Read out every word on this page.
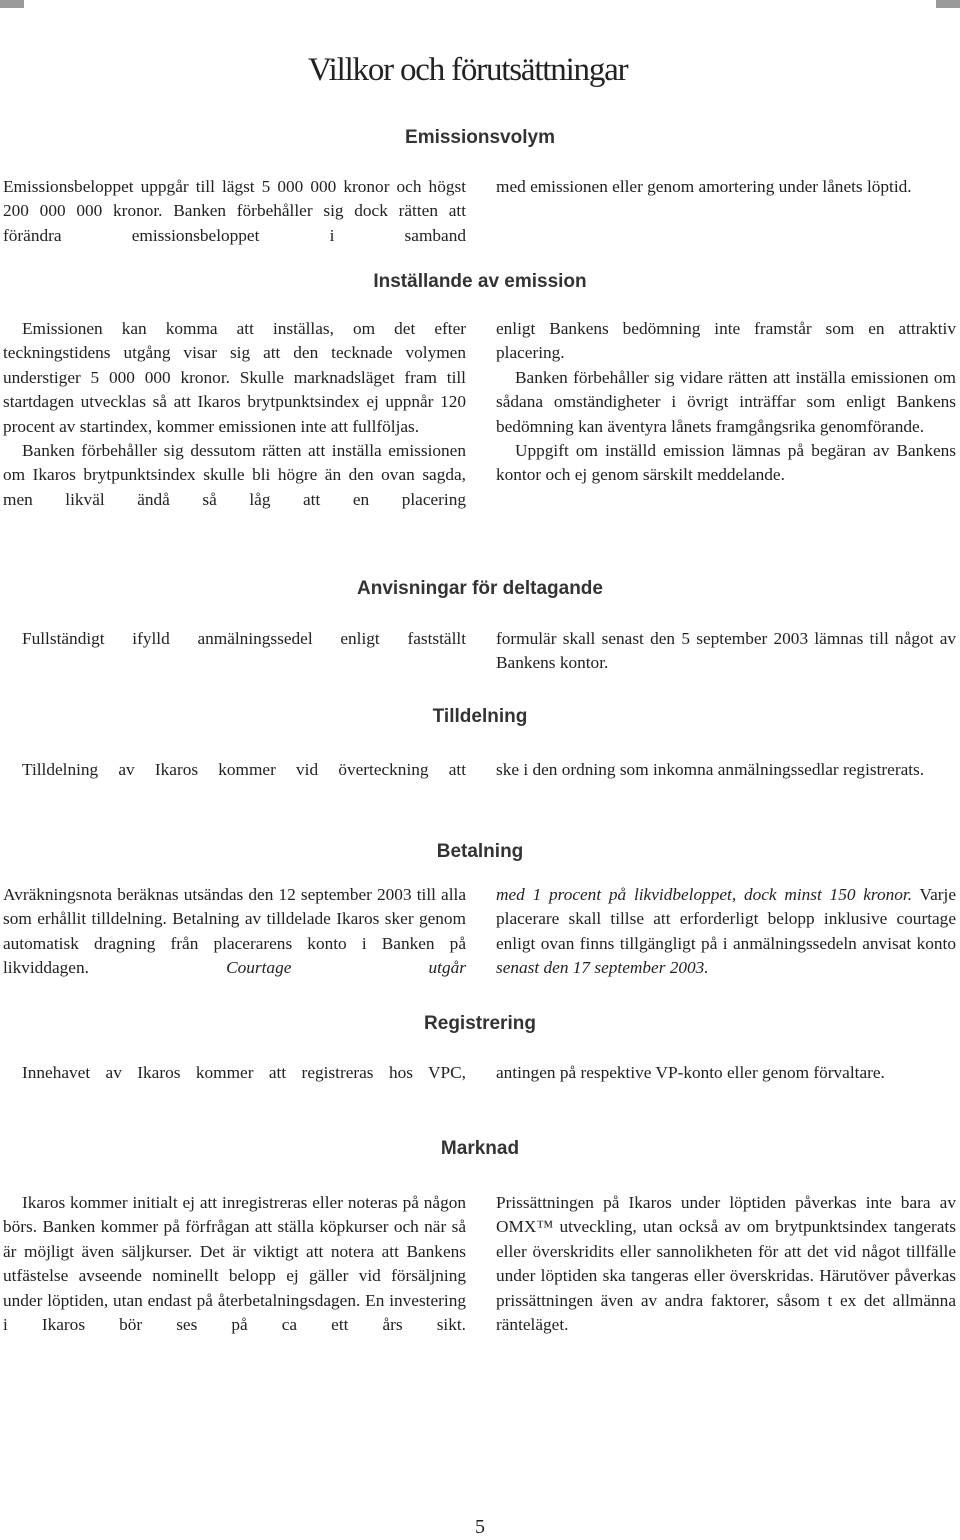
Villkor och förutsättningar
Emissionsvolym

Emissionsbeloppet uppgår till lägst 5 000 000 kronor och högst 200 000 000 kronor. Banken förbehåller sig dock rätten att förändra emissionsbeloppet i samband

med emissionen eller genom amortering under lånets löptid.

Inställande av emission

Emissionen kan komma att inställas, om det efter teckningstidens utgång visar sig att den tecknade volymen understiger 5 000 000 kronor. Skulle marknadsläget fram till startdagen utvecklas så att Ikaros brytpunktsindex ej uppnår 120 procent av startindex, kommer emissionen inte att fullföljas.

Banken förbehåller sig dessutom rätten att inställa emissionen om Ikaros brytpunktsindex skulle bli högre än den ovan sagda, men likväl ändå så låg att en placering

enligt Bankens bedömning inte framstår som en attraktiv placering.

Banken förbehåller sig vidare rätten att inställa emissionen om sådana omständigheter i övrigt inträffar som enligt Bankens bedömning kan äventyra lånets framgångsrika genomförande.

Uppgift om inställd emission lämnas på begäran av Bankens kontor och ej genom särskilt meddelande.

Anvisningar för deltagande

Fullständigt ifylld anmälningssedel enligt fastställt formulär skall senast den 5 september 2003 lämnas till något av Bankens kontor.

Tilldelning

Tilldelning av Ikaros kommer vid överteckning att ske i den ordning som inkomna anmälningssedlar registrerats.

Betalning

Avräkningsnota beräknas utsändas den 12 september 2003 till alla som erhållit tilldelning. Betalning av tilldelade Ikaros sker genom automatisk dragning från placerarens konto i Banken på likviddagen.	Courtage utgår

med 1 procent på likvidbeloppet, dock minst 150 kronor. Varje placerare skall tillse att erforderligt belopp inklusive courtage enligt ovan finns tillgängligt på i anmälningssedeln anvisat konto senast den 17 september 2003.

Registrering

Innehavet av Ikaros kommer att registreras hos VPC, antingen på respektive VP-konto eller genom förvaltare.

Marknad

Ikaros kommer initialt ej att inregistreras eller noteras på någon börs. Banken kommer på förfrågan att ställa köpkurser och när så är möjligt även säljkurser. Det är viktigt att notera att Bankens utfästelse avseende nominellt belopp ej gäller vid försäljning under löptiden, utan endast på återbetalningsdagen. En investering i Ikaros bör ses på ca ett års sikt.

Prissättningen på Ikaros under löptiden påverkas inte bara av OMX™ utveckling, utan också av om brytpunktsindex tangerats eller överskridits eller sannolikheten för att det vid något tillfälle under löptiden ska tangeras eller överskridas. Härutöver påverkas prissättningen även av andra faktorer, såsom t ex det allmänna ränteläget.

5
